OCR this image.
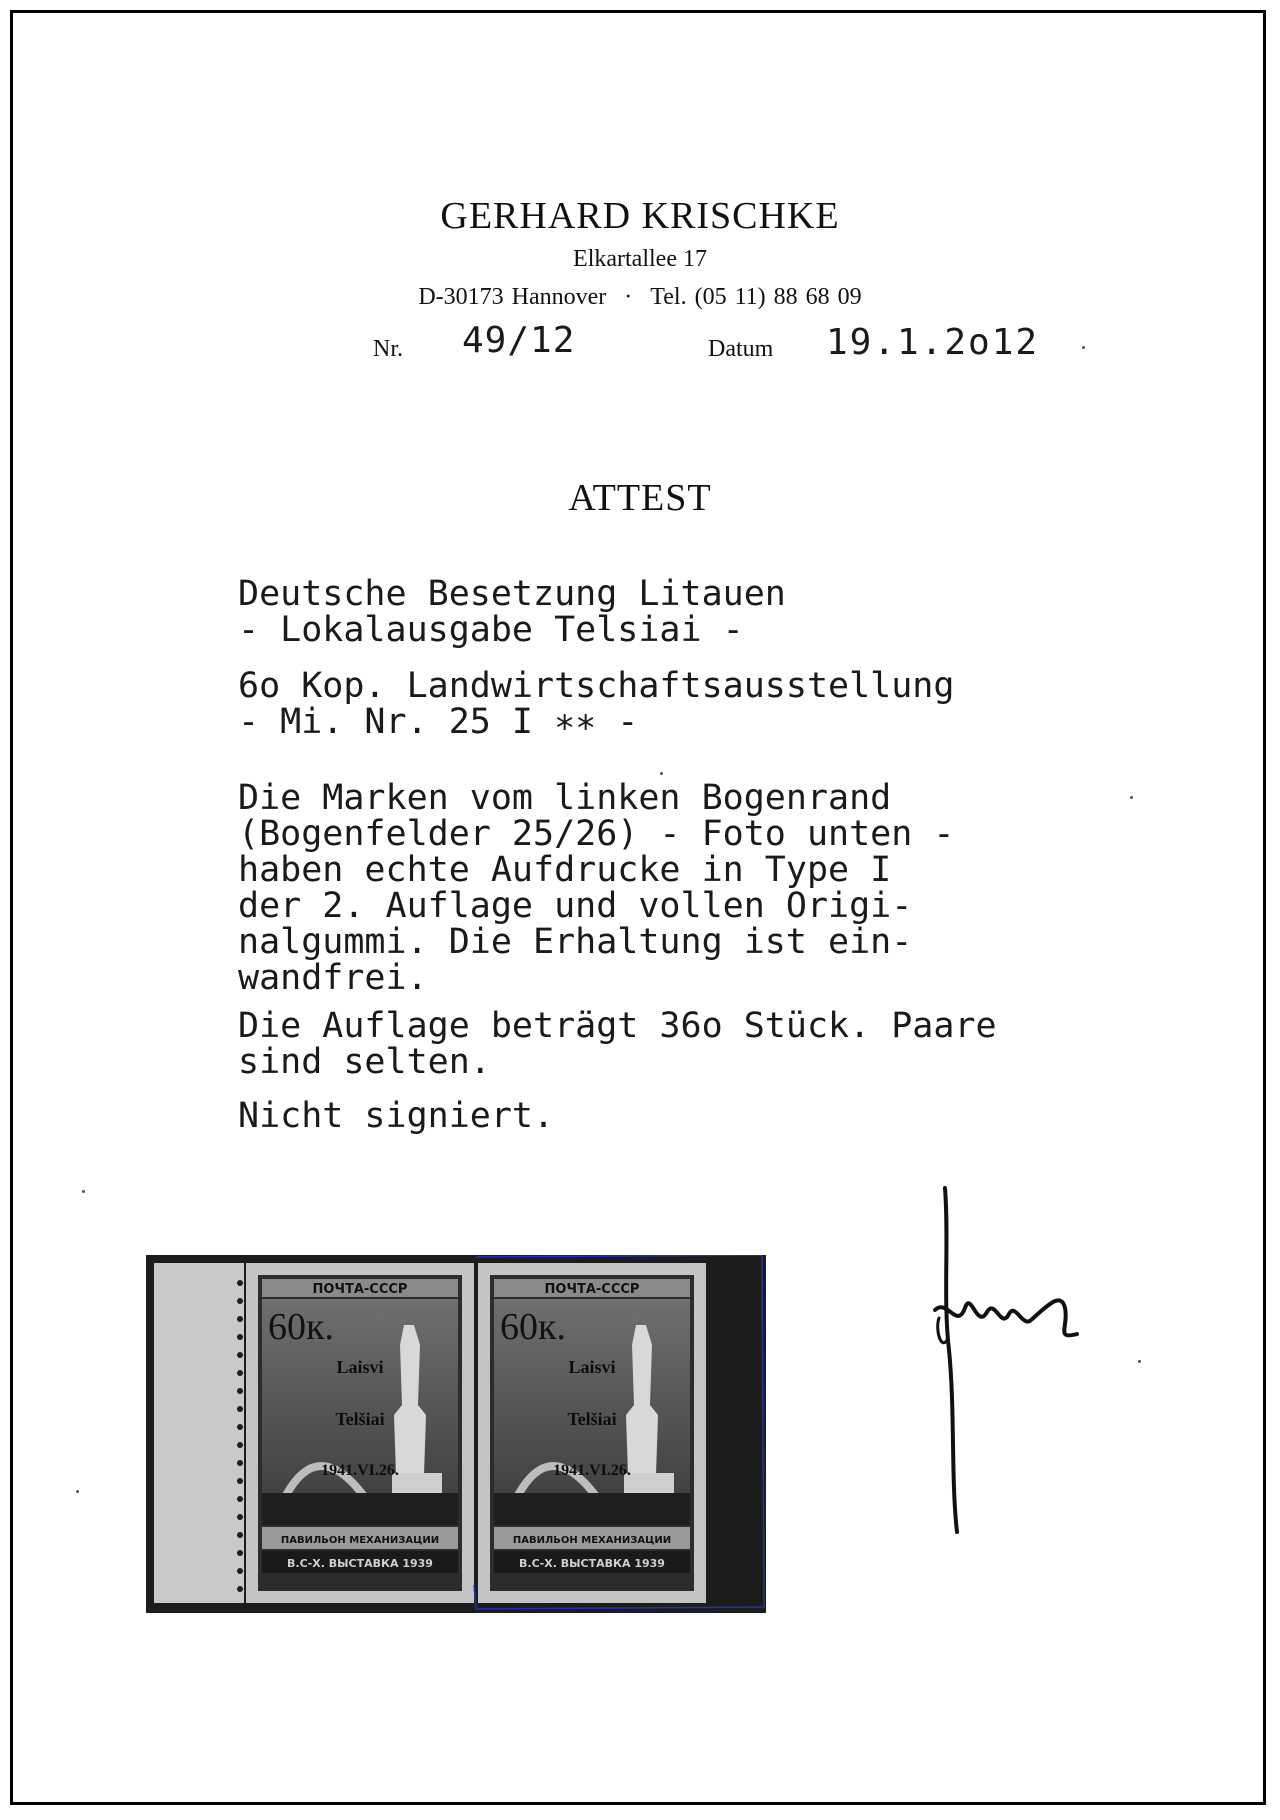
GERHARD KRISCHKE
Elkartallee 17
D-30173 Hannover · Tel. (05 11) 88 68 09
Nr. 49/12	Datum 19.1.2o12
ATTEST
Deutsche Besetzung Litauen
- Lokalausgabe Telsiai -
6o Kop. Landwirtschaftsausstellung
- Mi. Nr. 25 I ∗∗ -
Die Marken vom linken Bogenrand
(Bogenfelder 25/26) - Foto unten -
haben echte Aufdrucke in Type I
der 2. Auflage und vollen Origi-
nalgummi. Die Erhaltung ist ein-
wandfrei.
Die Auflage beträgt 36o Stück. Paare
sind selten.
Nicht signiert.
ПОЧТА-СССР
60к.
Laisvi
Telšiai
1941.VI.26.
ПАВИЛЬОН МЕХАНИЗАЦИИ
В.С-Х. ВЫСТАВКА 1939
ПОЧТА-СССР
60к.
Laisvi
Telšiai
1941.VI.26.
ПАВИЛЬОН МЕХАНИЗАЦИИ
В.С-Х. ВЫСТАВКА 1939
